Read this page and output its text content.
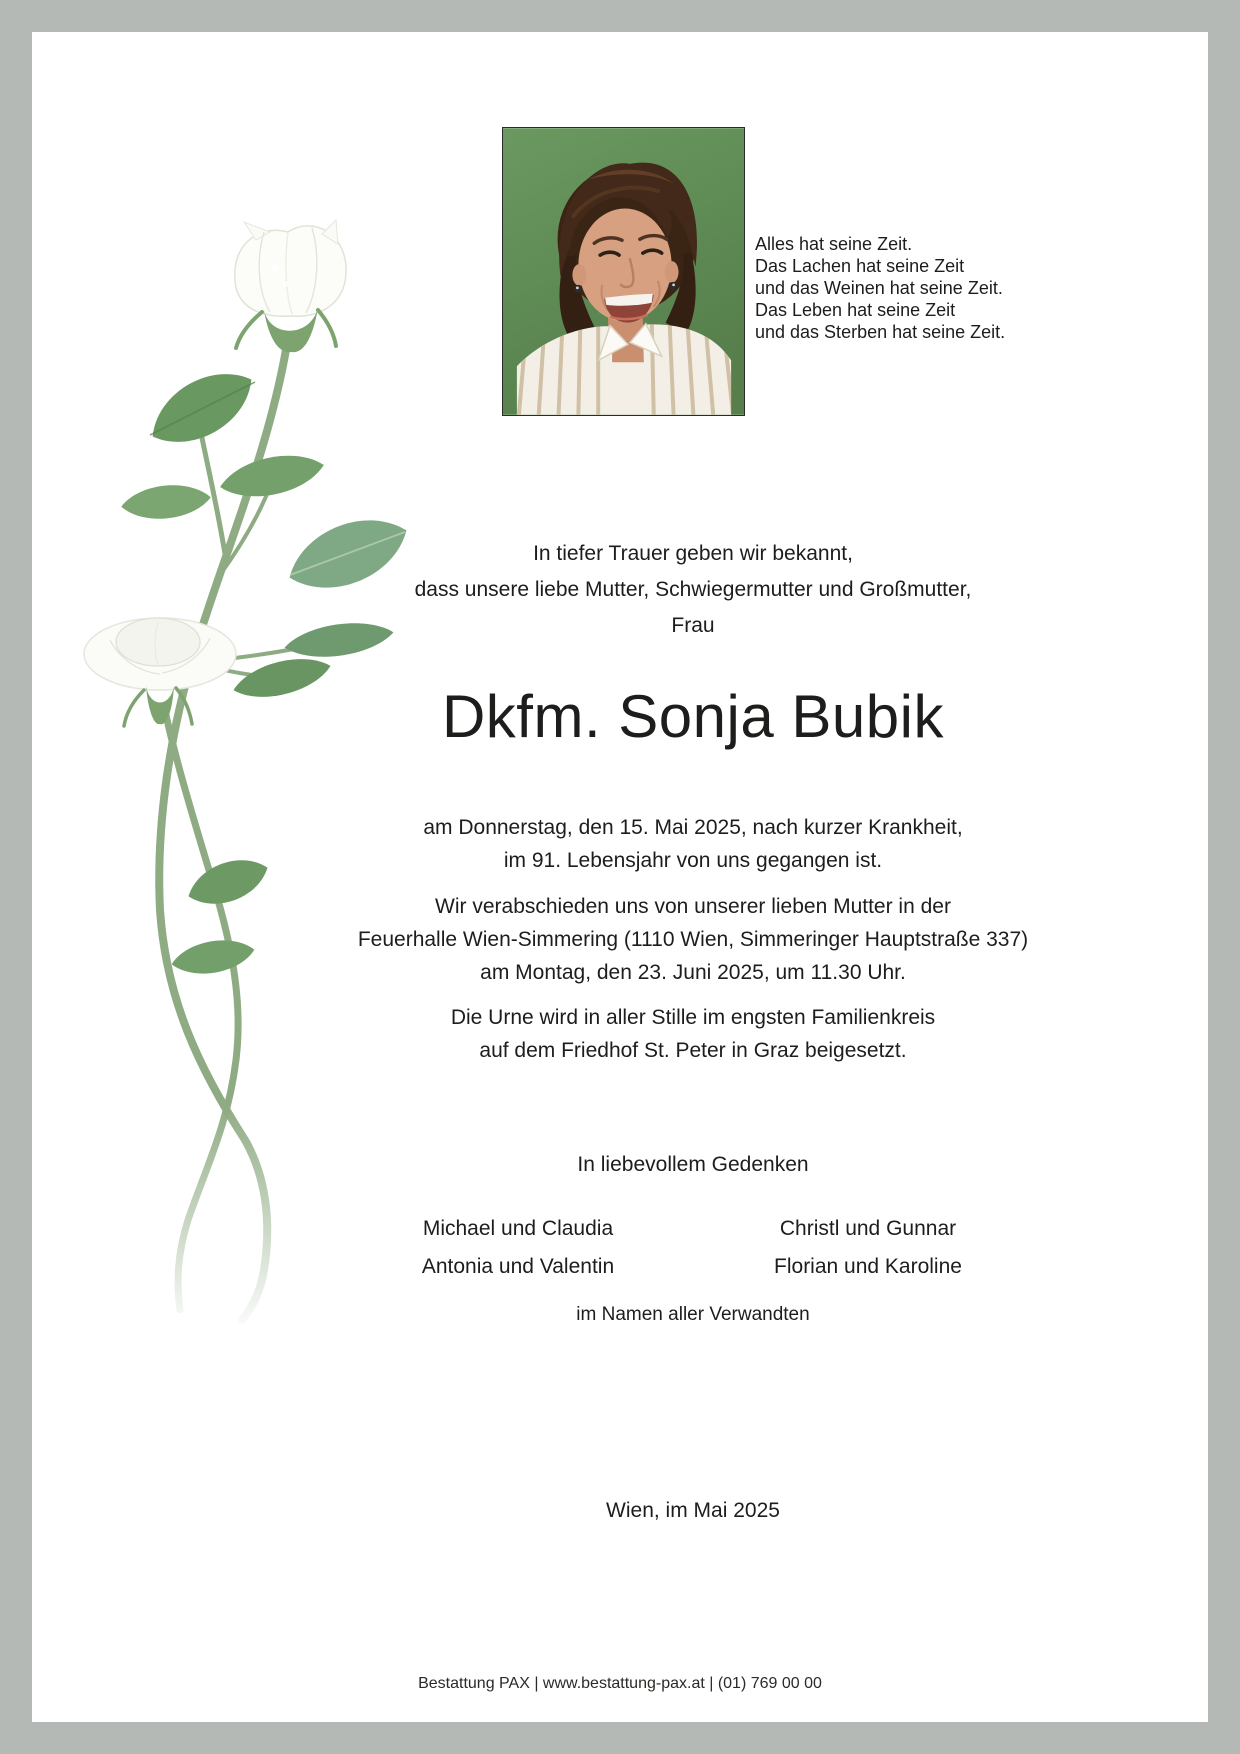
Alles hat seine Zeit.
Das Lachen hat seine Zeit
und das Weinen hat seine Zeit.
Das Leben hat seine Zeit
und das Sterben hat seine Zeit.
In tiefer Trauer geben wir bekannt,
dass unsere liebe Mutter, Schwiegermutter und Großmutter,
Frau
Dkfm. Sonja Bubik
am Donnerstag, den 15. Mai 2025, nach kurzer Krankheit,
im 91. Lebensjahr von uns gegangen ist.
Wir verabschieden uns von unserer lieben Mutter in der
Feuerhalle Wien-Simmering (1110 Wien, Simmeringer Hauptstraße 337)
am Montag, den 23. Juni 2025, um 11.30 Uhr.
Die Urne wird in aller Stille im engsten Familienkreis
auf dem Friedhof St. Peter in Graz beigesetzt.
In liebevollem Gedenken
Michael und Claudia	Christl und Gunnar
Antonia und Valentin	Florian und Karoline
im Namen aller Verwandten
Wien, im Mai 2025
Bestattung PAX | www.bestattung-pax.at | (01) 769 00 00
